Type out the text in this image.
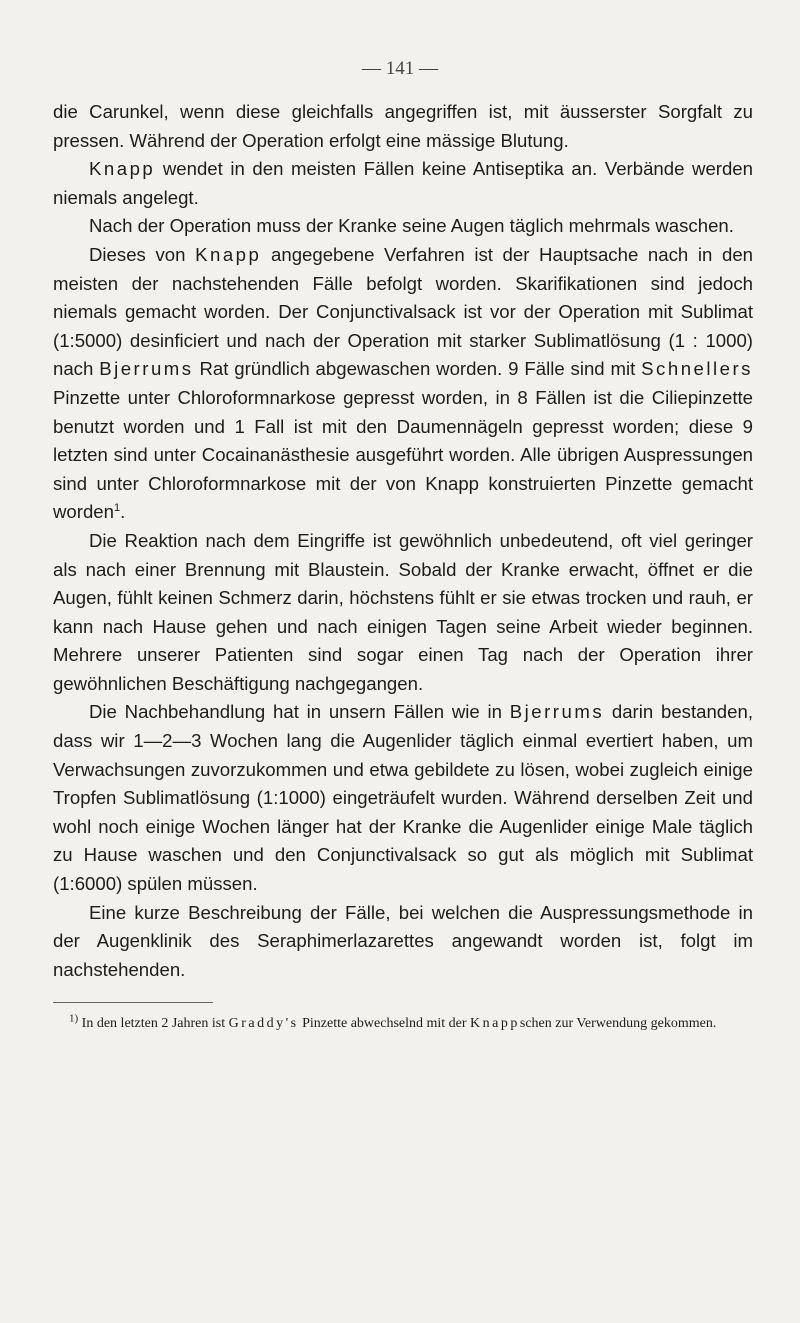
— 141 —

die Carunkel, wenn diese gleichfalls angegriffen ist, mit äusserster Sorgfalt zu pressen. Während der Operation erfolgt eine mässige Blutung.

Knapp wendet in den meisten Fällen keine Antiseptika an. Verbände werden niemals angelegt.

Nach der Operation muss der Kranke seine Augen täglich mehrmals waschen.

Dieses von Knapp angegebene Verfahren ist der Hauptsache nach in den meisten der nachstehenden Fälle befolgt worden. Skarifikationen sind jedoch niemals gemacht worden. Der Conjunctivalsack ist vor der Operation mit Sublimat (1:5000) desinficiert und nach der Operation mit starker Sublimatlösung (1 : 1000) nach Bjerrums Rat gründlich abgewaschen worden. 9 Fälle sind mit Schnellers Pinzette unter Chloroformnarkose gepresst worden, in 8 Fällen ist die Ciliepinzette benutzt worden und 1 Fall ist mit den Daumennägeln gepresst worden; diese 9 letzten sind unter Cocainanästhesie ausgeführt worden. Alle übrigen Auspressungen sind unter Chloroformnarkose mit der von Knapp konstruierten Pinzette gemacht worden$^1$.

Die Reaktion nach dem Eingriffe ist gewöhnlich unbedeutend, oft viel geringer als nach einer Brennung mit Blaustein. Sobald der Kranke erwacht, öffnet er die Augen, fühlt keinen Schmerz darin, höchstens fühlt er sie etwas trocken und rauh, er kann nach Hause gehen und nach einigen Tagen seine Arbeit wieder beginnen. Mehrere unserer Patienten sind sogar einen Tag nach der Operation ihrer gewöhnlichen Beschäftigung nachgegangen.

Die Nachbehandlung hat in unsern Fällen wie in Bjerrums darin bestanden, dass wir 1—2—3 Wochen lang die Augenlider täglich einmal evertiert haben, um Verwachsungen zuvorzukommen und etwa gebildete zu lösen, wobei zugleich einige Tropfen Sublimatlösung (1:1000) eingeträufelt wurden. Während derselben Zeit und wohl noch einige Wochen länger hat der Kranke die Augenlider einige Male täglich zu Hause waschen und den Conjunctivalsack so gut als möglich mit Sublimat (1:6000) spülen müssen.

Eine kurze Beschreibung der Fälle, bei welchen die Auspressungsmethode in der Augenklinik des Seraphimerlazarettes angewandt worden ist, folgt im nachstehenden.

$^{1)}$ In den letzten 2 Jahren ist Graddy's Pinzette abwechselnd mit der Knappschen zur Verwendung gekommen.
